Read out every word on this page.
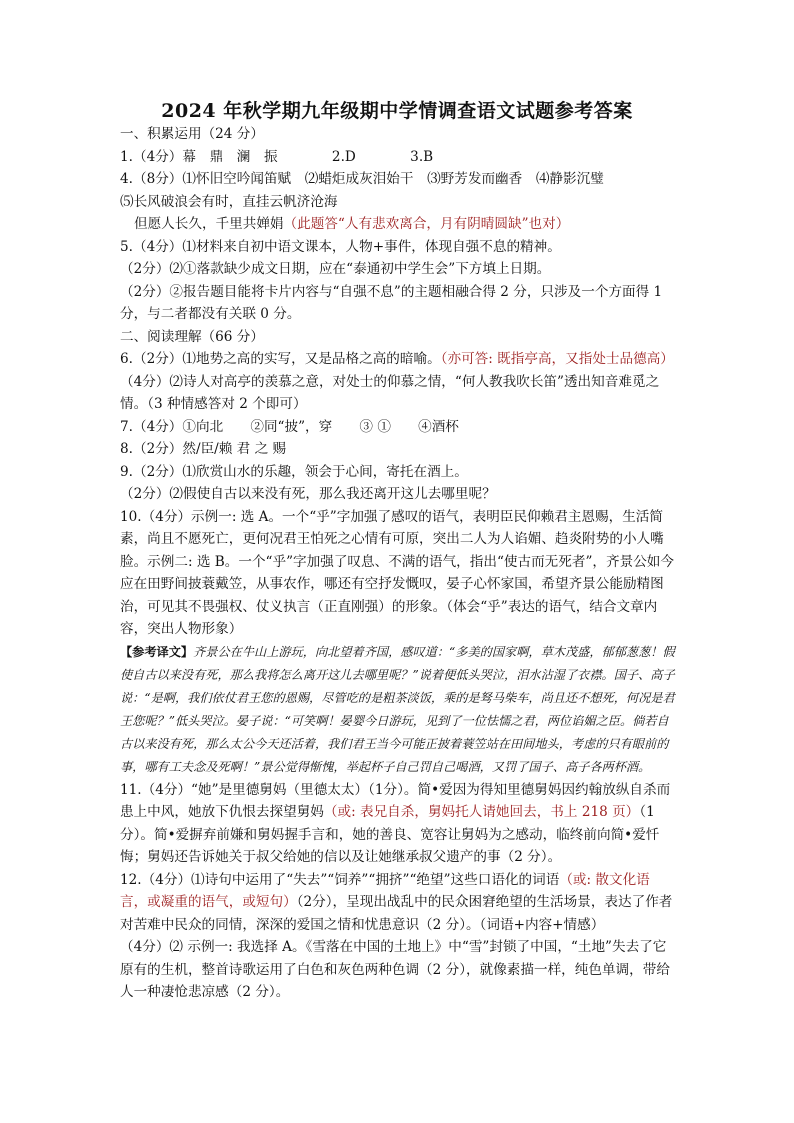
2024 年秋学期九年级期中学情调查语文试题参考答案

一、积累运用（24 分）

1.（4分）幕　鼎　澜　振　　　　2.D　　　　3.B

4.（8分）⑴怀旧空吟闻笛赋　⑵蜡炬成灰泪始干　⑶野芳发而幽香　⑷静影沉璧

⑸长风破浪会有时，直挂云帆济沧海

但愿人长久，千里共婵娟（此题答“人有悲欢离合，月有阴晴圆缺”也对）

5.（4分）⑴材料来自初中语文课本，人物+事件，体现自强不息的精神。

（2分）⑵①落款缺少成文日期，应在“泰通初中学生会”下方填上日期。

（2分）②报告题目能将卡片内容与“自强不息”的主题相融合得 2 分，只涉及一个方面得 1 分，与二者都没有关联 0 分。

二、阅读理解（66 分）

6.（2分）⑴地势之高的实写，又是品格之高的暗喻。（亦可答: 既指亭高，又指处士品德高）

（4分）⑵诗人对高亭的羡慕之意，对处士的仰慕之情，“何人教我吹长笛”透出知音难觅之情。（3 种情感答对 2 个即可）

7.（4分）①向北　　②同“披”，穿　　③ ①　　④酒杯

8.（2分）然/臣/赖 君 之 赐

9.（2分）⑴欣赏山水的乐趣，领会于心间，寄托在酒上。

（2分）⑵假使自古以来没有死，那么我还离开这儿去哪里呢？

10.（4分）示例一: 选 A。一个“乎”字加强了感叹的语气，表明臣民仰赖君主恩赐，生活简素，尚且不愿死亡，更何况君王怕死之心情有可原，突出二人为人谄媚、趋炎附势的小人嘴脸。示例二: 选 B。一个“乎”字加强了叹息、不满的语气，指出“使古而无死者”，齐景公如今应在田野间披蓑戴笠，从事农作，哪还有空抒发慨叹，晏子心怀家国，希望齐景公能励精图治，可见其不畏强权、仗义执言（正直刚强）的形象。（体会“乎”表达的语气，结合文章内容，突出人物形象）

【参考译文】齐景公在牛山上游玩，向北望着齐国，感叹道：“多美的国家啊，草木茂盛，郁郁葱葱！假使自古以来没有死，那么我将怎么离开这儿去哪里呢？”说着便低头哭泣，泪水沾湿了衣襟。国子、高子说：“是啊，我们依仗君王您的恩赐，尽管吃的是粗茶淡饭，乘的是驽马柴车，尚且还不想死，何况是君王您呢？”低头哭泣。晏子说：“可笑啊！晏婴今日游玩，见到了一位怯懦之君，两位谄媚之臣。倘若自古以来没有死，那么太公今天还活着，我们君王当今可能正披着蓑笠站在田间地头，考虑的只有眼前的事，哪有工夫念及死啊！”景公觉得惭愧，举起杯子自己罚自己喝酒，又罚了国子、高子各两杯酒。

11.（4分）“她”是里德舅妈（里德太太）（1分）。简•爱因为得知里德舅妈因约翰放纵自杀而患上中风，她放下仇恨去探望舅妈（或: 表兄自杀，舅妈托人请她回去，书上 218 页）（1分）。简•爱摒弃前嫌和舅妈握手言和，她的善良、宽容让舅妈为之感动，临终前向简•爱忏悔；舅妈还告诉她关于叔父给她的信以及让她继承叔父遗产的事（2 分）。

12.（4分）⑴诗句中运用了“失去”“饲养”“拥挤”“绝望”这些口语化的词语（或: 散文化语言，或凝重的语气，或短句）（2分），呈现出战乱中的民众困窘绝望的生活场景，表达了作者对苦难中民众的同情，深深的爱国之情和忧患意识（2 分）。（词语+内容+情感）

（4分）⑵ 示例一: 我选择 A。《雪落在中国的土地上》中“雪”封锁了中国，“土地”失去了它原有的生机，整首诗歌运用了白色和灰色两种色调（2 分），就像素描一样，纯色单调，带给人一种凄怆悲凉感（2 分）。
